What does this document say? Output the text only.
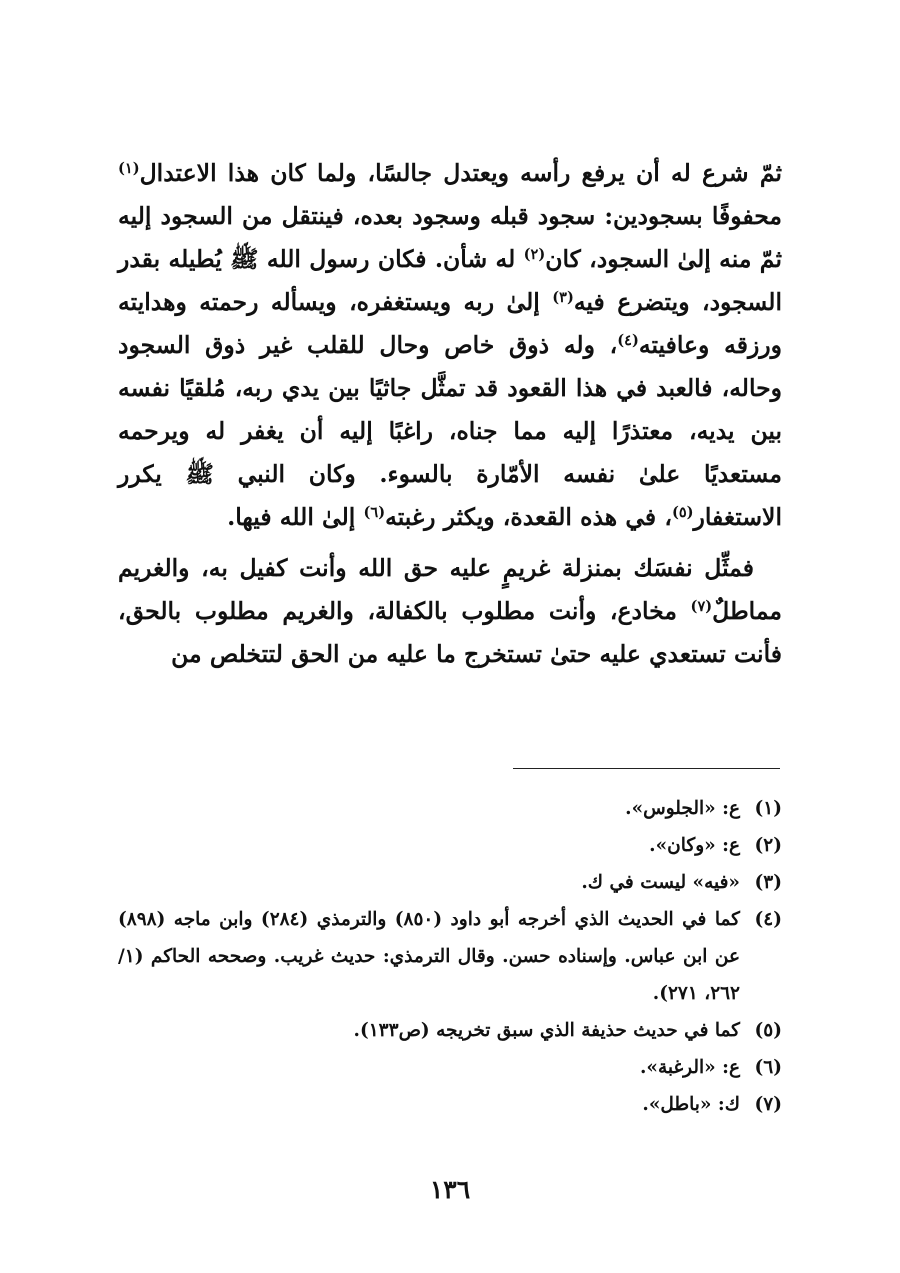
ثمّ شرع له أن يرفع رأسه ويعتدل جالسًا، ولما كان هذا الاعتدال$^{(١)}$ محفوفًا بسجودين: سجود قبله وسجود بعده، فينتقل من السجود إليه ثمّ منه إلىٰ السجود، كان$^{(٢)}$ له شأن. فكان رسول الله ﷺ يُطيله بقدر السجود، ويتضرع فيه$^{(٣)}$ إلىٰ ربه ويستغفره، ويسأله رحمته وهدايته ورزقه وعافيته$^{(٤)}$، وله ذوق خاص وحال للقلب غير ذوق السجود وحاله، فالعبد في هذا القعود قد تمثَّل جاثيًا بين يدي ربه، مُلقيًا نفسه بين يديه، معتذرًا إليه مما جناه، راغبًا إليه أن يغفر له ويرحمه مستعديًا علىٰ نفسه الأمّارة بالسوء. وكان النبي ﷺ يكرر الاستغفار$^{(٥)}$، في هذه القعدة، ويكثر رغبته$^{(٦)}$ إلىٰ الله فيها.

فمثِّل نفسَك بمنزلة غريمٍ عليه حق الله وأنت كفيل به، والغريم مماطلٌ$^{(٧)}$ مخادع، وأنت مطلوب بالكفالة، والغريم مطلوب بالحق، فأنت تستعدي عليه حتىٰ تستخرج ما عليه من الحق لتتخلص من

(١)
ع: «الجلوس».
(٢)
ع: «وكان».
(٣)
«فيه» ليست في ك.
(٤)
كما في الحديث الذي أخرجه أبو داود (٨٥٠) والترمذي (٢٨٤) وابن ماجه (٨٩٨) عن ابن عباس. وإسناده حسن. وقال الترمذي: حديث غريب. وصححه الحاكم (١/ ٢٦٢، ٢٧١).
(٥)
كما في حديث حذيفة الذي سبق تخريجه (ص١٣٣).
(٦)
ع: «الرغبة».
(٧)
ك: «باطل».
١٣٦
